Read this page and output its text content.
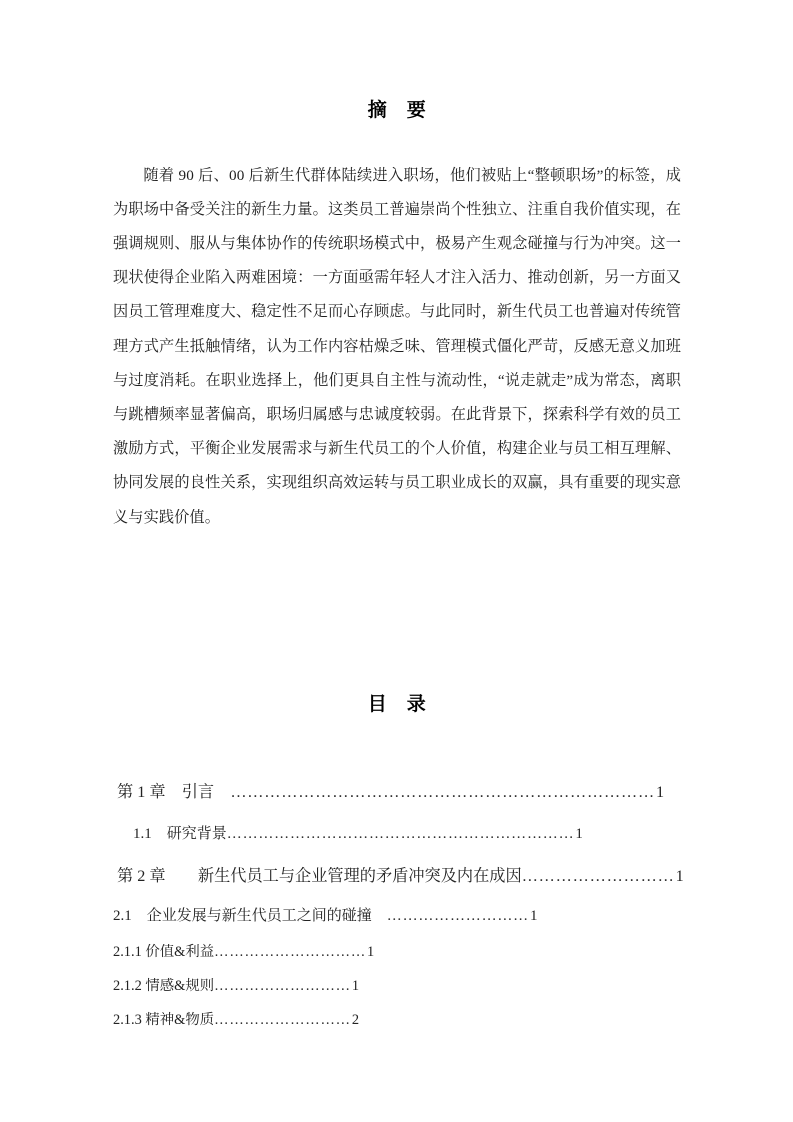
摘　要

随着 90 后、00 后新生代群体陆续进入职场，他们被贴上“整顿职场”的标签，成为职场中备受关注的新生力量。这类员工普遍崇尚个性独立、注重自我价值实现，在强调规则、服从与集体协作的传统职场模式中，极易产生观念碰撞与行为冲突。这一现状使得企业陷入两难困境：一方面亟需年轻人才注入活力、推动创新，另一方面又因员工管理难度大、稳定性不足而心存顾虑。与此同时，新生代员工也普遍对传统管理方式产生抵触情绪，认为工作内容枯燥乏味、管理模式僵化严苛，反感无意义加班与过度消耗。在职业选择上，他们更具自主性与流动性，“说走就走”成为常态，离职与跳槽频率显著偏高，职场归属感与忠诚度较弱。在此背景下，探索科学有效的员工激励方式，平衡企业发展需求与新生代员工的个人价值，构建企业与员工相互理解、协同发展的良性关系，实现组织高效运转与员工职业成长的双赢，具有重要的现实意义与实践价值。

目　录
第 1 章　引言　 ………………………………………………………………… 1
1.1　研究背景 ………………………………………………………… 1
第 2 章　　新生代员工与企业管理的矛盾冲突及内在成因 ……………………… 1
2.1　企业发展与新生代员工之间的碰撞　 ……………………… 1
2.1.1 价值&利益 ………………………… 1
2.1.2 情感&规则 ……………………… 1
2.1.3 精神&物质 ……………………… 2
